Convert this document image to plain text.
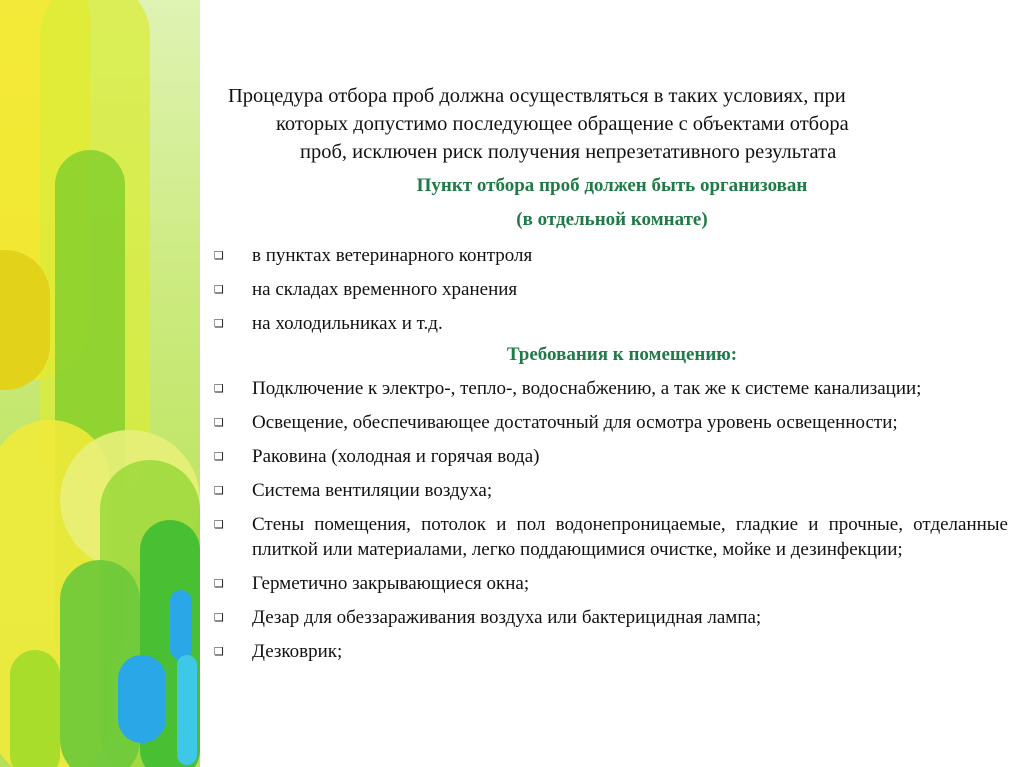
Процедура отбора проб должна осуществляться в таких условиях, при
которых допустимо последующее обращение с объектами отбора
проб, исключен риск получения непрезетативного результата
Пункт отбора проб должен быть организован
(в отдельной комнате)
❑ в пунктах ветеринарного контроля
❑ на складах временного хранения
❑ на холодильниках и т.д.
Требования к помещению:
❑ Подключение к электро-, тепло-, водоснабжению, а так же к системе канализации;
❑ Освещение, обеспечивающее достаточный для осмотра уровень освещенности;
❑ Раковина (холодная и горячая вода)
❑ Система вентиляции воздуха;
❑ Стены помещения, потолок и пол водонепроницаемые, гладкие и прочные, отделанные плиткой или материалами, легко поддающимися очистке, мойке и дезинфекции;
❑ Герметично закрывающиеся окна;
❑ Дезар для обеззараживания воздуха или бактерицидная лампа;
❑ Дезковрик;
